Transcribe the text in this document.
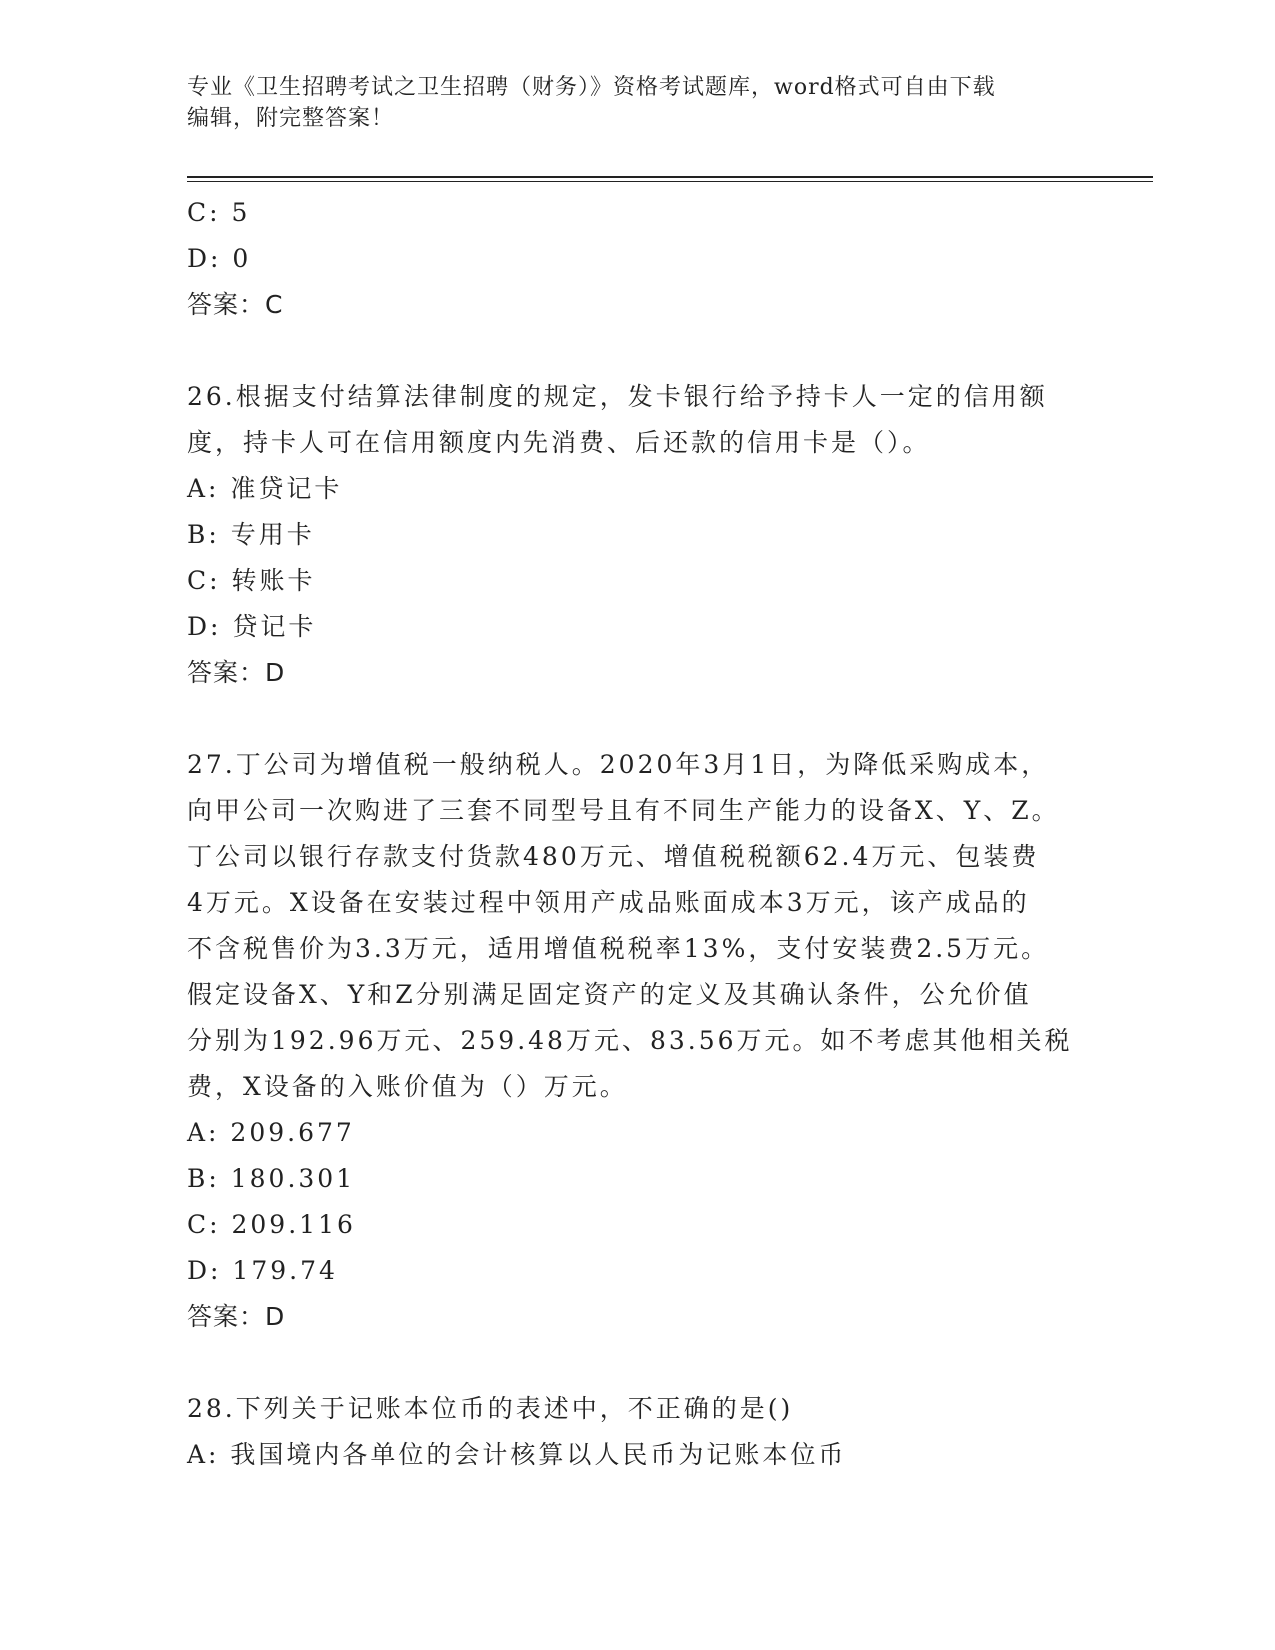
专业《卫生招聘考试之卫生招聘（财务）》资格考试题库，word格式可自由下载
编辑，附完整答案！
C: 5
D: 0
答案：C
26.根据支付结算法律制度的规定，发卡银行给予持卡人一定的信用额
度，持卡人可在信用额度内先消费、后还款的信用卡是（）。
A: 准贷记卡
B: 专用卡
C: 转账卡
D: 贷记卡
答案：D
27.丁公司为增值税一般纳税人。2020年3月1日，为降低采购成本，
向甲公司一次购进了三套不同型号且有不同生产能力的设备X、Y、Z。
丁公司以银行存款支付货款480万元、增值税税额62.4万元、包装费
4万元。X设备在安装过程中领用产成品账面成本3万元，该产成品的
不含税售价为3.3万元，适用增值税税率13%，支付安装费2.5万元。
假定设备X、Y和Z分别满足固定资产的定义及其确认条件，公允价值
分别为192.96万元、259.48万元、83.56万元。如不考虑其他相关税
费，X设备的入账价值为（）万元。
A: 209.677
B: 180.301
C: 209.116
D: 179.74
答案：D
28.下列关于记账本位币的表述中，不正确的是()
A: 我国境内各单位的会计核算以人民币为记账本位币
